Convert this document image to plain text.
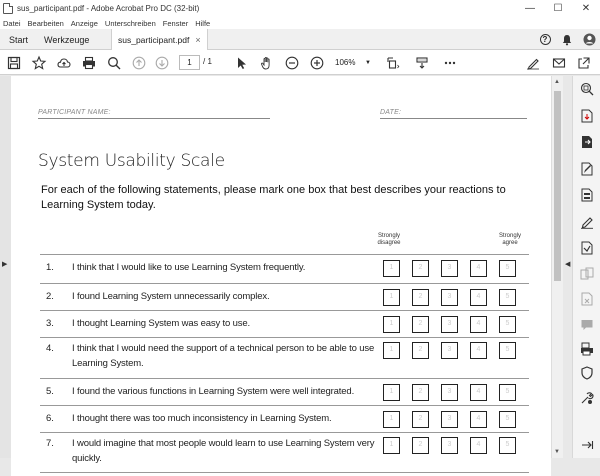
sus_participant.pdf - Adobe Acrobat Pro DC (32-bit)	—	☐	✕
Datei Bearbeiten Anzeige Unterschreiben Fenster Hilfe
Start Werkzeuge	sus_participant.pdf ×	?
1	/ 1	106% ▼
▶
PARTICIPANT NAME:	DATE:
System Usability Scale
For each of the following statements, please mark one box that best describes your reactions to Learning System today.
Strongly
disagree
Strongly
agree
1. I think that I would like to use Learning System frequently.	1	2	3	4	5
2. I found Learning System unnecessarily complex.	1	2	3	4	5
3. I thought Learning System was easy to use.	1	2	3	4	5
4. I think that I would need the support of a technical person to be able to use Learning System.
1	2	3	4	5
5. I found the various functions in Learning System were well integrated.	1	2	3	4	5
6. I thought there was too much inconsistency in Learning System.	1	2	3	4	5
7. I would imagine that most people would learn to use Learning System very quickly.
1	2	3	4	5
▲
▼
◀
